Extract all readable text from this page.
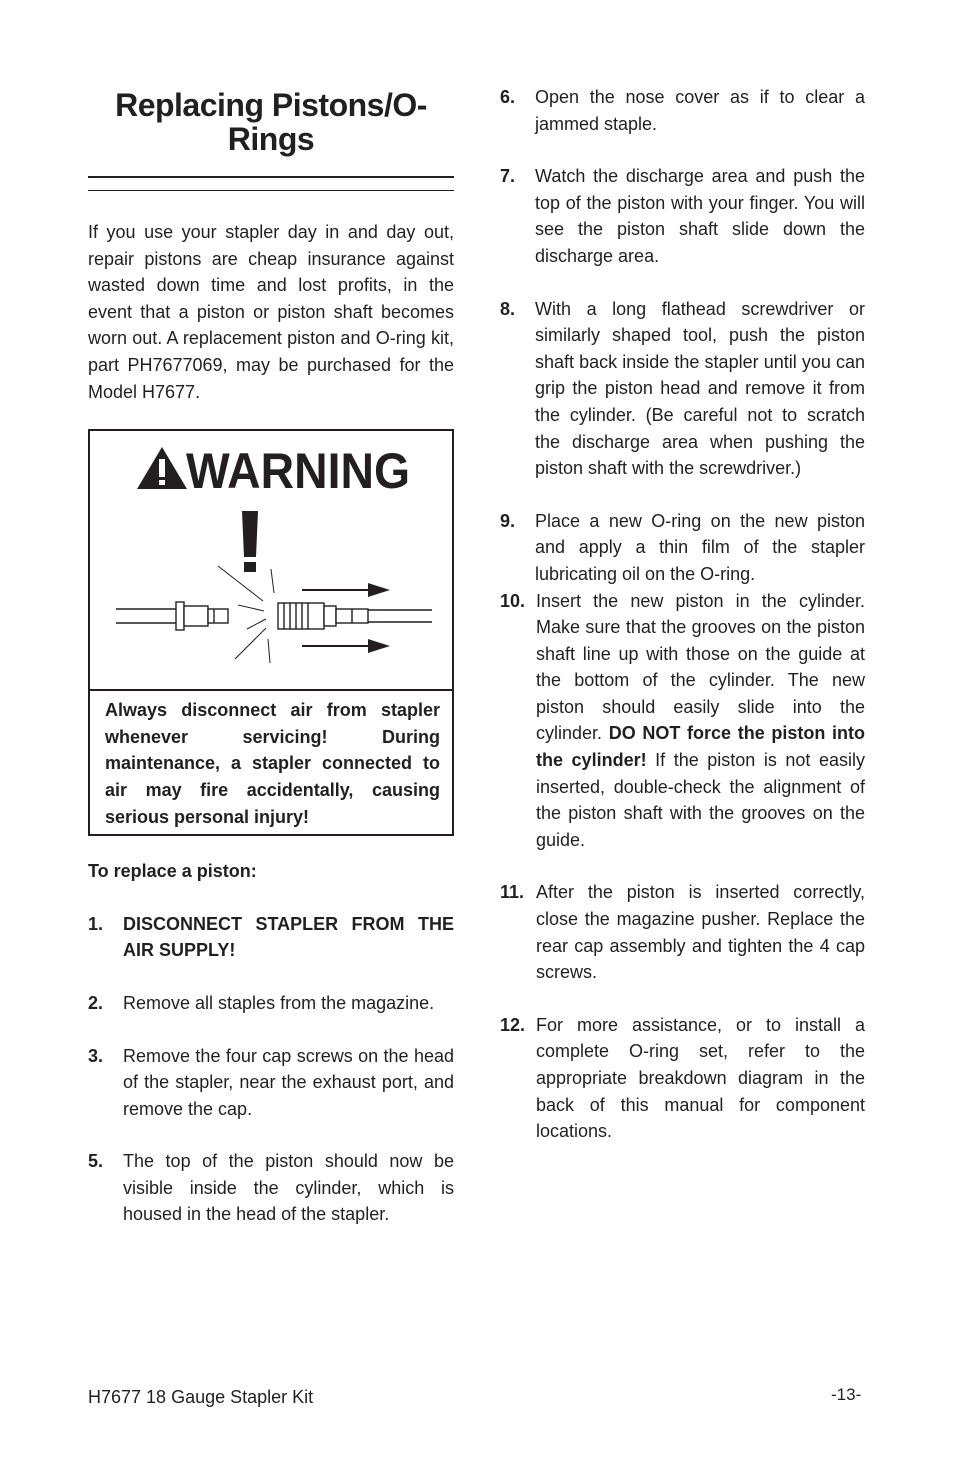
Replacing Pistons/O-Rings

If you use your stapler day in and day out, repair pistons are cheap insurance against wasted down time and lost profits, in the event that a piston or piston shaft becomes worn out. A replacement piston and O-ring kit, part PH7677069, may be purchased for the Model H7677.

WARNING
Always disconnect air from stapler whenever servicing! During maintenance, a stapler connected to air may fire accidentally, causing serious personal injury!
To replace a piston:
1.	DISCONNECT STAPLER FROM THE AIR SUPPLY!
2.	Remove all staples from the magazine.
3.	Remove the four cap screws on the head of the stapler, near the exhaust port, and remove the cap.
5.	The top of the piston should now be visible inside the cylinder, which is housed in the head of the stapler.
6.	Open the nose cover as if to clear a jammed staple.
7.	Watch the discharge area and push the top of the piston with your finger. You will see the piston shaft slide down the discharge area.
8.	With a long flathead screwdriver or similarly shaped tool, push the piston shaft back inside the stapler until you can grip the piston head and remove it from the cylinder. (Be careful not to scratch the discharge area when pushing the piston shaft with the screwdriver.)
9.	Place a new O-ring on the new piston and apply a thin film of the stapler lubricating oil on the O-ring.
10. Insert the new piston in the cylinder. Make sure that the grooves on the piston shaft line up with those on the guide at the bottom of the cylinder. The new piston should easily slide into the cylinder. DO NOT force the piston into the cylinder! If the piston is not easily inserted, double-check the alignment of the piston shaft with the grooves on the guide.
11. After the piston is inserted correctly, close the magazine pusher. Replace the rear cap assembly and tighten the 4 cap screws.
12. For more assistance, or to install a complete O-ring set, refer to the appropriate breakdown diagram in the back of this manual for component locations.
H7677 18 Gauge Stapler Kit	-13-
